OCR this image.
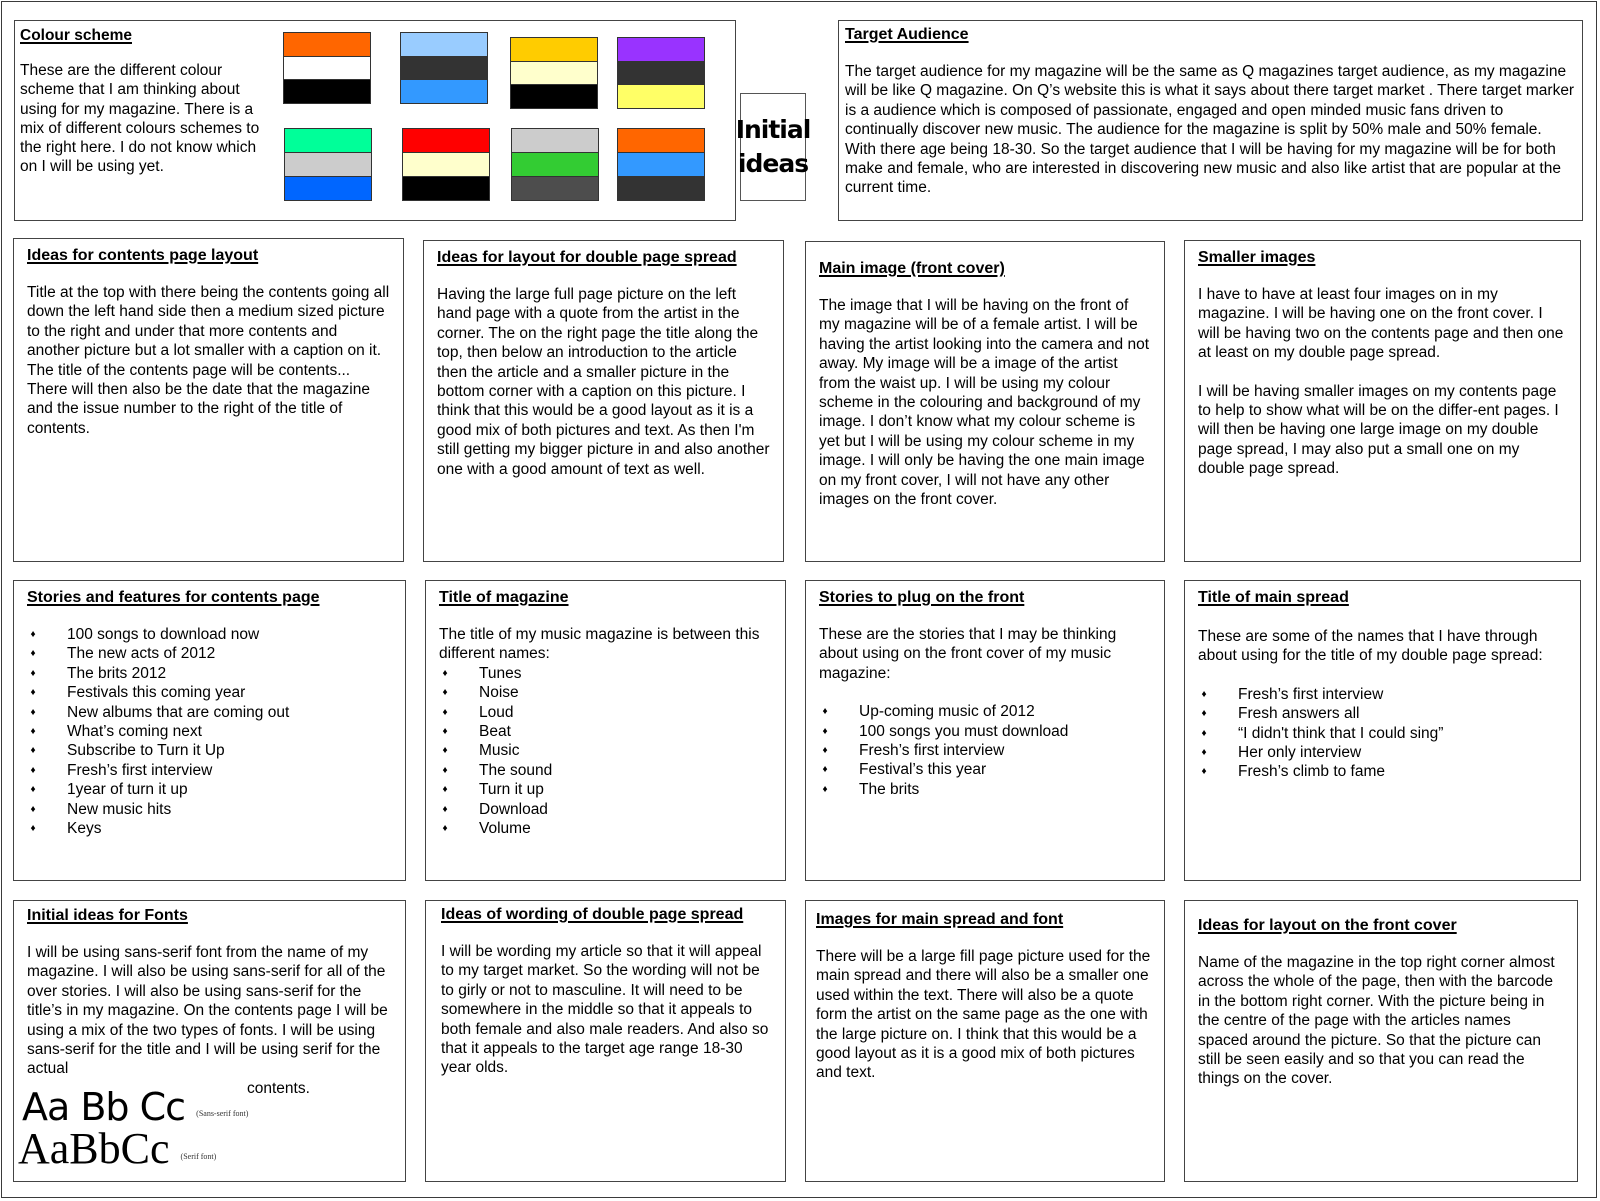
Colour scheme

These are the different colour scheme that I am thinking about using for my magazine. There is a mix of different colours schemes to the right here. I do not know which on I will be using yet.

Initial ideas
Target Audience

The target audience for my magazine will be the same as Q magazines target audience, as my magazine will be like Q magazine. On Q’s website this is what it says about there target market . There target marker is a audience which is composed of passionate, engaged and open minded music fans driven to continually discover new music. The audience for the magazine is split by 50% male and 50% female. With there age being 18-30. So the target audience that I will be having for my magazine will be for both make and female, who are interested in discovering new music and also like artist that are popular at the current time.

Ideas for contents page layout

Title at the top with there being the contents going all down the left hand side then a medium sized picture to the right and under that more contents and another picture but a lot smaller with a caption on it. The title of the contents page will be contents... There will then also be the date that the magazine and the issue number to the right of the title of contents.

Ideas for layout for double page spread

Having the large full page picture on the left hand page with a quote from the artist in the corner. The on the right page the title along the top, then below an introduction to the article then the article and a smaller picture in the bottom corner with a caption on this picture. I think that this would be a good layout as it is a good mix of both pictures and text. As then I'm still getting my bigger picture in and also another one with a good amount of text as well.

Main image (front cover)

The image that I will be having on the front of my magazine will be of a female artist. I will be having the artist looking into the camera and not away. My image will be a image of the artist from the waist up. I will be using my colour scheme in the colouring and background of my image. I don’t know what my colour scheme is yet but I will be using my colour scheme in my image. I will only be having the one main image on my front cover, I will not have any other images on the front cover.

Smaller images

I have to have at least four images on in my magazine. I will be having one on the front cover. I will be having two on the contents page and then one at least on my double page spread.

I will be having smaller images on my contents page to help to show what will be on the differ-ent pages. I will then be having one large image on my double page spread, I may also put a small one on my double page spread.

Stories and features for contents page
♦ 100 songs to download now
♦ The new acts of 2012
♦ The brits 2012
♦ Festivals this coming year
♦ New albums that are coming out
♦ What’s coming next
♦ Subscribe to Turn it Up
♦ Fresh’s first interview
♦ 1year of turn it up
♦ New music hits
♦ Keys
Title of magazine

The title of my music magazine is between this different names:

♦ Tunes
♦ Noise
♦ Loud
♦ Beat
♦ Music
♦ The sound
♦ Turn it up
♦ Download
♦ Volume
Stories to plug on the front

These are the stories that I may be thinking about using on the front cover of my music magazine:

♦ Up-coming music of 2012
♦ 100 songs you must download
♦ Fresh’s first interview
♦ Festival’s this year
♦ The brits
Title of main spread

These are some of the names that I have through about using for the title of my double page spread:

♦ Fresh’s first interview
♦ Fresh answers all
♦ “I didn't think that I could sing”
♦ Her only interview
♦ Fresh’s climb to fame
Initial ideas for Fonts

I will be using sans-serif font from the name of my magazine. I will also be using sans-serif for all of the over stories. I will also be using sans-serif for the title’s in my magazine. On the contents page I will be using a mix of the two types of fonts. I will be using sans-serif for the title and I will be using serif for the actual

contents.

Aa Bb Cc (Sans-serif font)
AaBbCc (Serif font)
Ideas of wording of double page spread

I will be wording my article so that it will appeal to my target market. So the wording will not be to girly or not to masculine. It will need to be somewhere in the middle so that it appeals to both female and also male readers. And also so that it appeals to the target age range 18-30 year olds.

Images for main spread and font

There will be a large fill page picture used for the main spread and there will also be a smaller one used within the text. There will also be a quote form the artist on the same page as the one with the large picture on. I think that this would be a good layout as it is a good mix of both pictures and text.

Ideas for layout on the front cover

Name of the magazine in the top right corner almost across the whole of the page, then with the barcode in the bottom right corner. With the picture being in the centre of the page with the articles names spaced around the picture. So that the picture can still be seen easily and so that you can read the things on the cover.
